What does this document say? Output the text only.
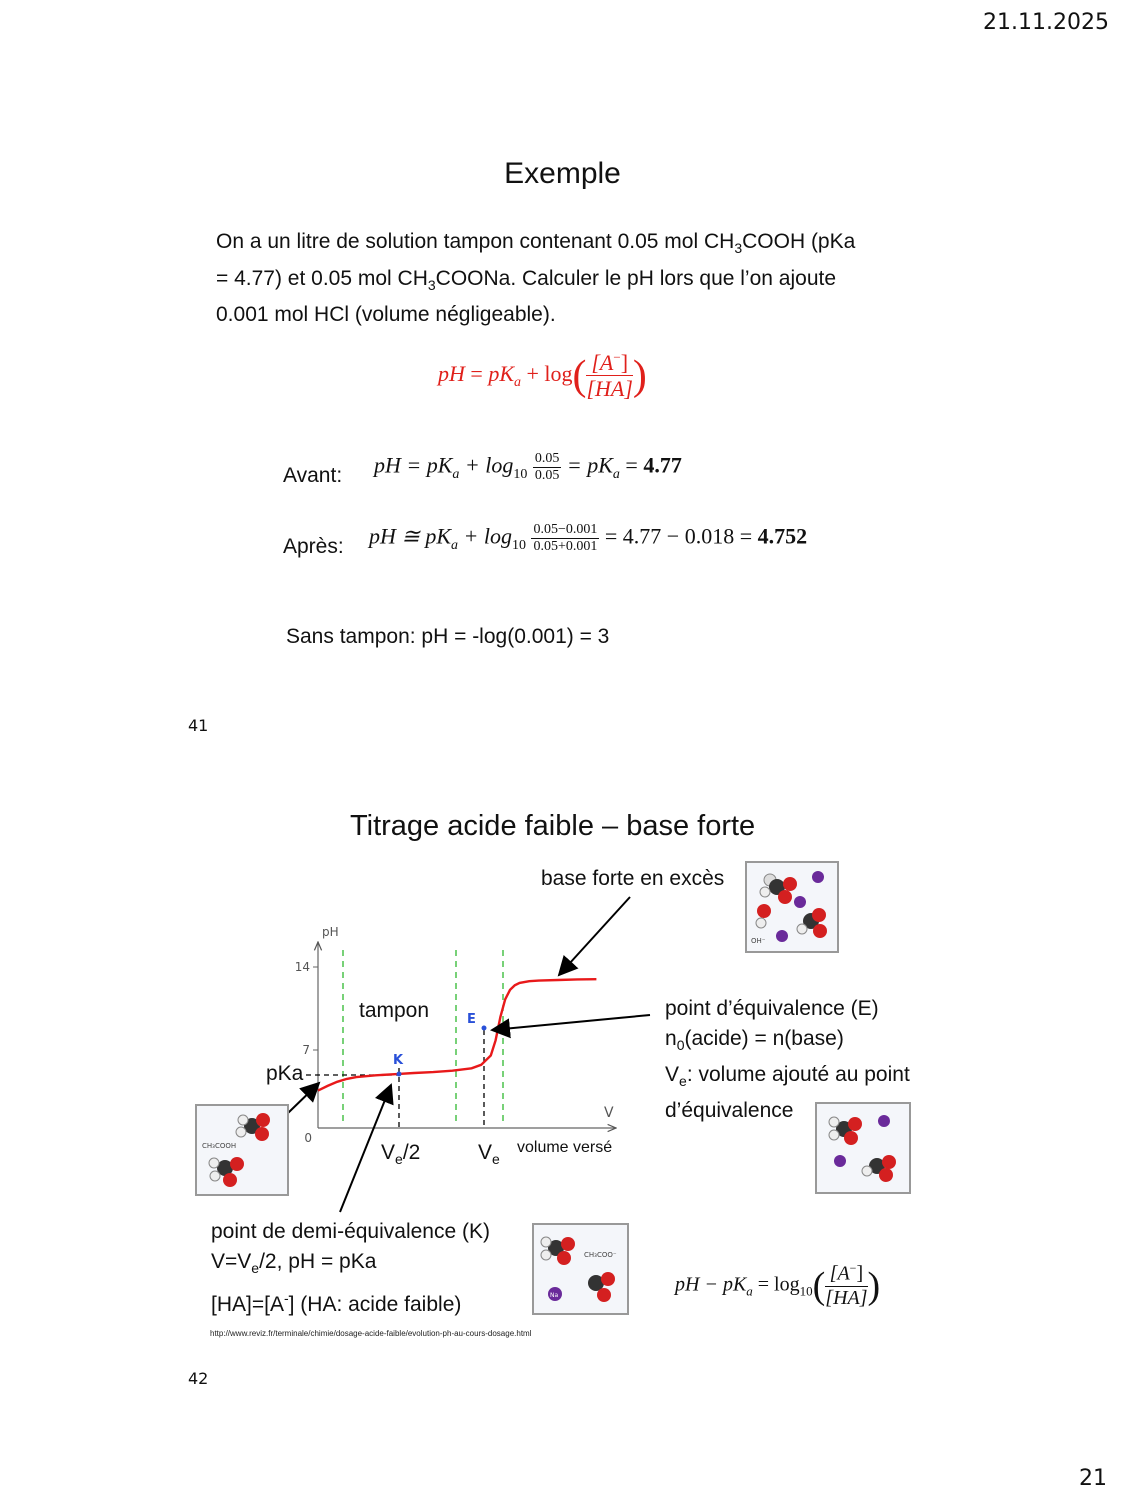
21.11.2025
Exemple
On a un litre de solution tampon contenant 0.05 mol $CH_3COOH$ (pKa
= 4.77) et 0.05 mol $CH_3COONa$. Calculer le pH lors que l’on ajoute
0.001 mol HCl (volume négligeable).
pH = $pK_a + \log( \frac{[A^-]}{[HA]}$ )
Avant: pH = $pK_a + \log_{10} \frac{0.05}{0.05} = pK_a = 4.77$
Après: pH ≅ $pK_a + \log_{10} \frac{0.05-0.001}{0.05+0.001} = 4.77 - 0.018 = 4.752$
Sans tampon: pH = -log(0.001) = 3
41
Titrage acide faible – base forte
base forte en excès
14
7
0
pH
V
K
E
tampon
pKa
$V_e/2$	$V_e$
volume versé
point d’équivalence (E)
$n_0(acide)$ = n(base)
$V_e$: volume ajouté au point
d’équivalence
point de demi-équivalence (K)
$V=V_e/2$, pH = pKa
[HA]=[A-] (HA: acide faible)
pH − $pK_a = \log_{10}( \frac{[A^-]}{[HA]}$ )
OH⁻
CH₃COOH
CH₃COO⁻
Na
http://www.reviz.fr/terminale/chimie/dosage-acide-faible/evolution-ph-au-cours-dosage.html
42
21
